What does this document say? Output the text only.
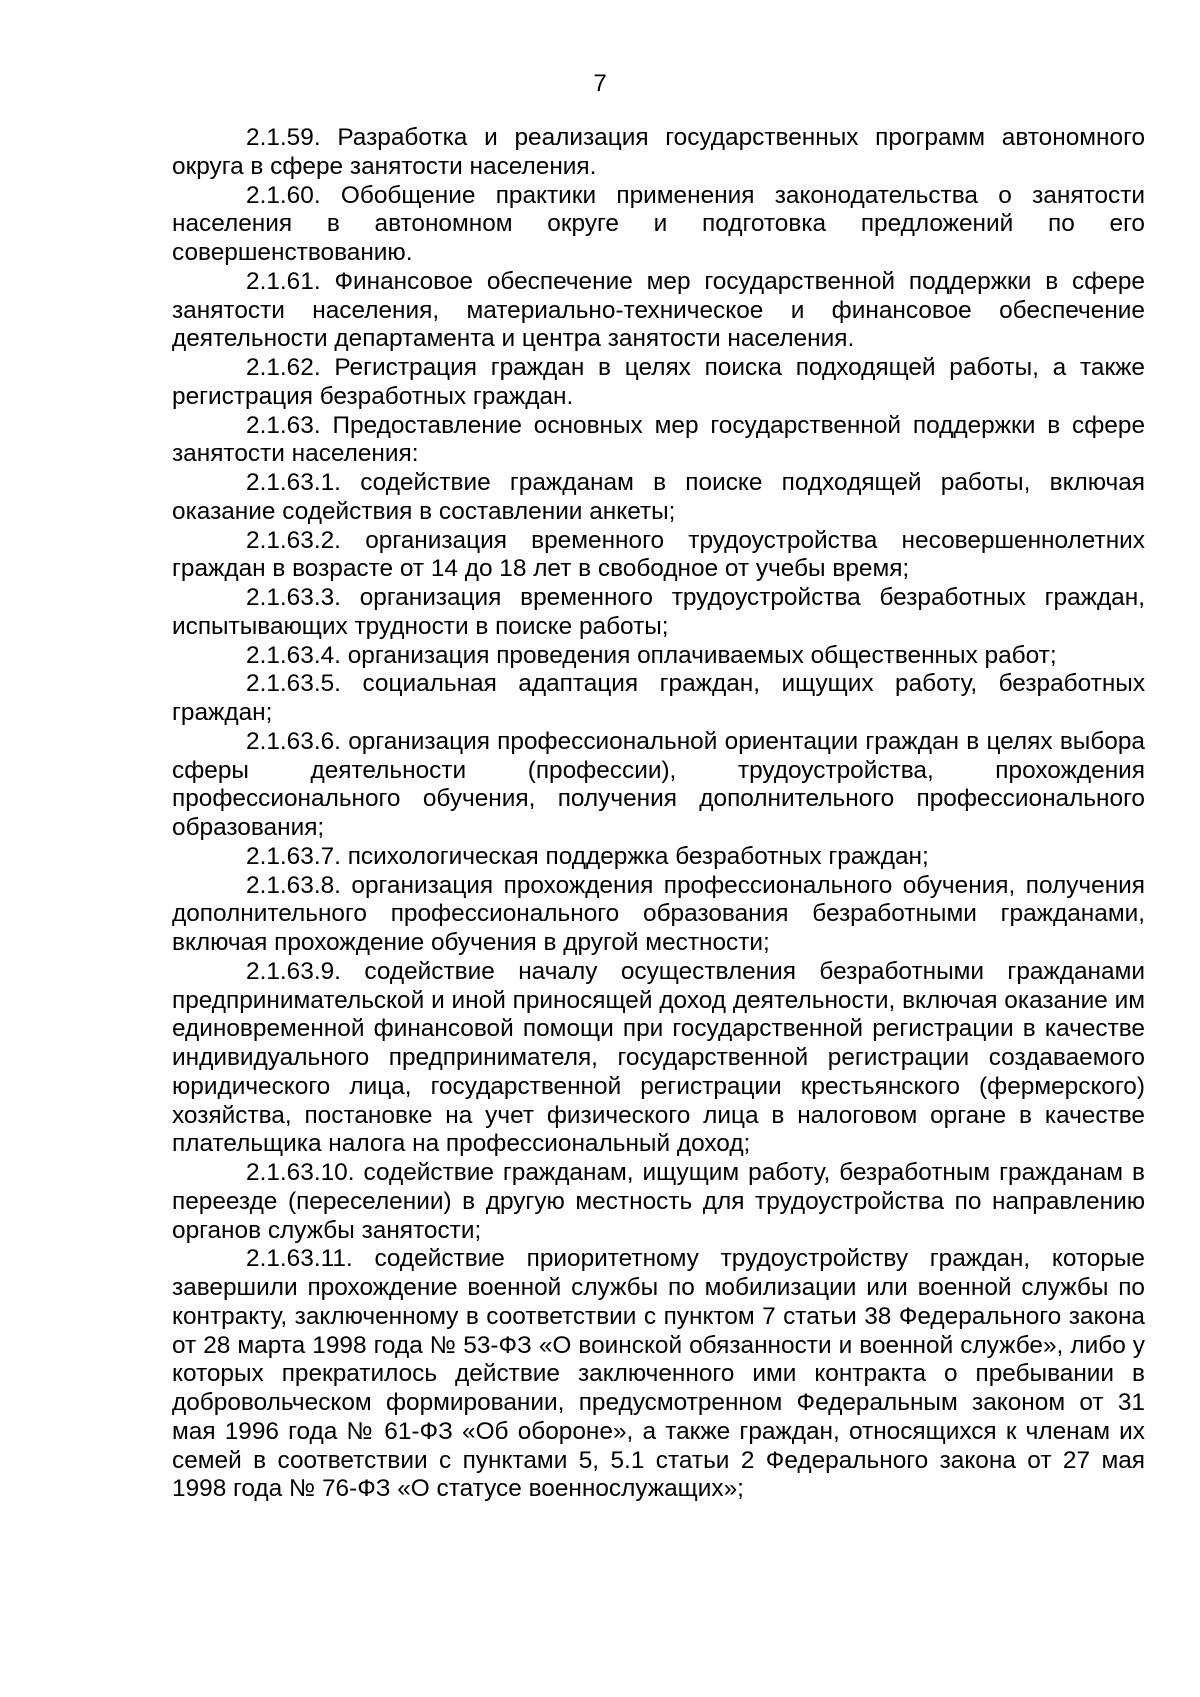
7

2.1.59. Разработка и реализация государственных программ автономного округа в сфере занятости населения.

2.1.60. Обобщение практики применения законодательства о занятости населения в автономном округе и подготовка предложений по его совершенствованию.

2.1.61. Финансовое обеспечение мер государственной поддержки в сфере занятости населения, материально-техническое и финансовое обеспечение деятельности департамента и центра занятости населения.

2.1.62. Регистрация граждан в целях поиска подходящей работы, а также регистрация безработных граждан.

2.1.63. Предоставление основных мер государственной поддержки в сфере занятости населения:

2.1.63.1. содействие гражданам в поиске подходящей работы, включая оказание содействия в составлении анкеты;

2.1.63.2. организация временного трудоустройства несовершеннолетних граждан в возрасте от 14 до 18 лет в свободное от учебы время;

2.1.63.3. организация временного трудоустройства безработных граждан, испытывающих трудности в поиске работы;

2.1.63.4. организация проведения оплачиваемых общественных работ;

2.1.63.5. социальная адаптация граждан, ищущих работу, безработных граждан;

2.1.63.6. организация профессиональной ориентации граждан в целях выбора сферы деятельности (профессии), трудоустройства, прохождения профессионального обучения, получения дополнительного профессионального образования;

2.1.63.7. психологическая поддержка безработных граждан;

2.1.63.8. организация прохождения профессионального обучения, получения дополнительного профессионального образования безработными гражданами, включая прохождение обучения в другой местности;

2.1.63.9. содействие началу осуществления безработными гражданами предпринимательской и иной приносящей доход деятельности, включая оказание им единовременной финансовой помощи при государственной регистрации в качестве индивидуального предпринимателя, государственной регистрации создаваемого юридического лица, государственной регистрации крестьянского (фермерского) хозяйства, постановке на учет физического лица в налоговом органе в качестве плательщика налога на профессиональный доход;

2.1.63.10. содействие гражданам, ищущим работу, безработным гражданам в переезде (переселении) в другую местность для трудоустройства по направлению органов службы занятости;

2.1.63.11. содействие приоритетному трудоустройству граждан, которые завершили прохождение военной службы по мобилизации или военной службы по контракту, заключенному в соответствии с пунктом 7 статьи 38 Федерального закона от 28 марта 1998 года № 53-ФЗ «О воинской обязанности и военной службе», либо у которых прекратилось действие заключенного ими контракта о пребывании в добровольческом формировании, предусмотренном Федеральным законом от 31 мая 1996 года № 61-ФЗ «Об обороне», а также граждан, относящихся к членам их семей в соответствии с пунктами 5, 5.1 статьи 2 Федерального закона от 27 мая 1998 года № 76-ФЗ «О статусе военнослужащих»;
